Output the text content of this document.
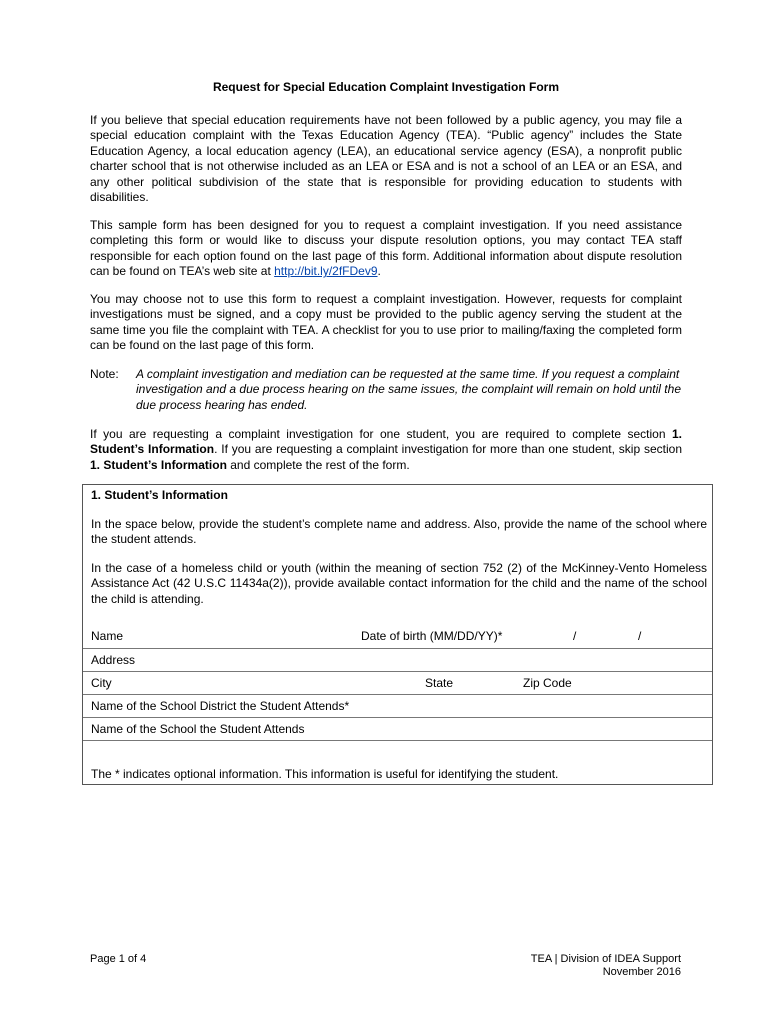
Request for Special Education Complaint Investigation Form
If you believe that special education requirements have not been followed by a public agency, you may file a special education complaint with the Texas Education Agency (TEA). “Public agency” includes the State Education Agency, a local education agency (LEA), an educational service agency (ESA), a nonprofit public charter school that is not otherwise included as an LEA or ESA and is not a school of an LEA or an ESA, and any other political subdivision of the state that is responsible for providing education to students with disabilities.
This sample form has been designed for you to request a complaint investigation. If you need assistance completing this form or would like to discuss your dispute resolution options, you may contact TEA staff responsible for each option found on the last page of this form. Additional information about dispute resolution can be found on TEA’s web site at http://bit.ly/2fFDev9.
You may choose not to use this form to request a complaint investigation. However, requests for complaint investigations must be signed, and a copy must be provided to the public agency serving the student at the same time you file the complaint with TEA. A checklist for you to use prior to mailing/faxing the completed form can be found on the last page of this form.
Note: A complaint investigation and mediation can be requested at the same time. If you request a complaint investigation and a due process hearing on the same issues, the complaint will remain on hold until the due process hearing has ended.
If you are requesting a complaint investigation for one student, you are required to complete section 1. Student’s Information. If you are requesting a complaint investigation for more than one student, skip section 1. Student’s Information and complete the rest of the form.
1. Student’s Information
In the space below, provide the student’s complete name and address. Also, provide the name of the school where the student attends.
In the case of a homeless child or youth (within the meaning of section 752 (2) of the McKinney-Vento Homeless Assistance Act (42 U.S.C 11434a(2)), provide available contact information for the child and the name of the school the child is attending.
Name	Date of birth (MM/DD/YY)*	/	/
Address
City	State	Zip Code
Name of the School District the Student Attends*
Name of the School the Student Attends
The * indicates optional information. This information is useful for identifying the student.
Page 1 of 4	TEA | Division of IDEA Support
November 2016
